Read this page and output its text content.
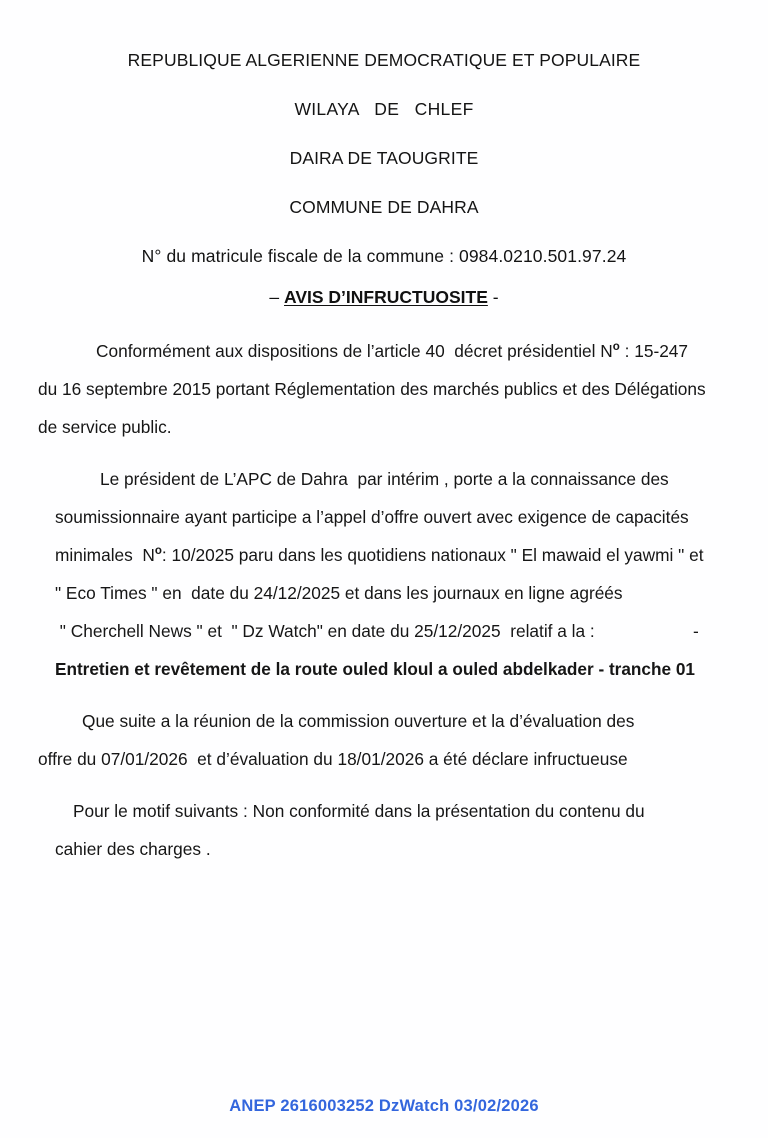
REPUBLIQUE ALGERIENNE DEMOCRATIQUE ET POPULAIRE
WILAYA   DE   CHLEF
DAIRA DE TAOUGRITE
COMMUNE DE DAHRA
N° du matricule fiscale de la commune : 0984.0210.501.97.24
– AVIS D’INFRUCTUOSITE -
Conformément aux dispositions de l’article 40  décret présidentiel $N^o$ : 15-247
du 16 septembre 2015 portant Réglementation des marchés publics et des Délégations
de service public.
Le président de L’APC de Dahra  par intérim , porte a la connaissance des
soumissionnaire ayant participe a l’appel d’offre ouvert avec exigence de capacités
minimales  $N^o$: 10/2025 paru dans les quotidiens nationaux " El mawaid el yawmi " et
" Eco Times " en  date du 24/12/2025 et dans les journaux en ligne agréés
" Cherchell News " et  " Dz Watch" en date du 25/12/2025  relatif a la :	-
Entretien et revêtement de la route ouled kloul a ouled abdelkader - tranche 01
Que suite a la réunion de la commission ouverture et la d’évaluation des
offre du 07/01/2026  et d’évaluation du 18/01/2026 a été déclare infructueuse
Pour le motif suivants : Non conformité dans la présentation du contenu du
cahier des charges .
ANEP 2616003252 DzWatch 03/02/2026
